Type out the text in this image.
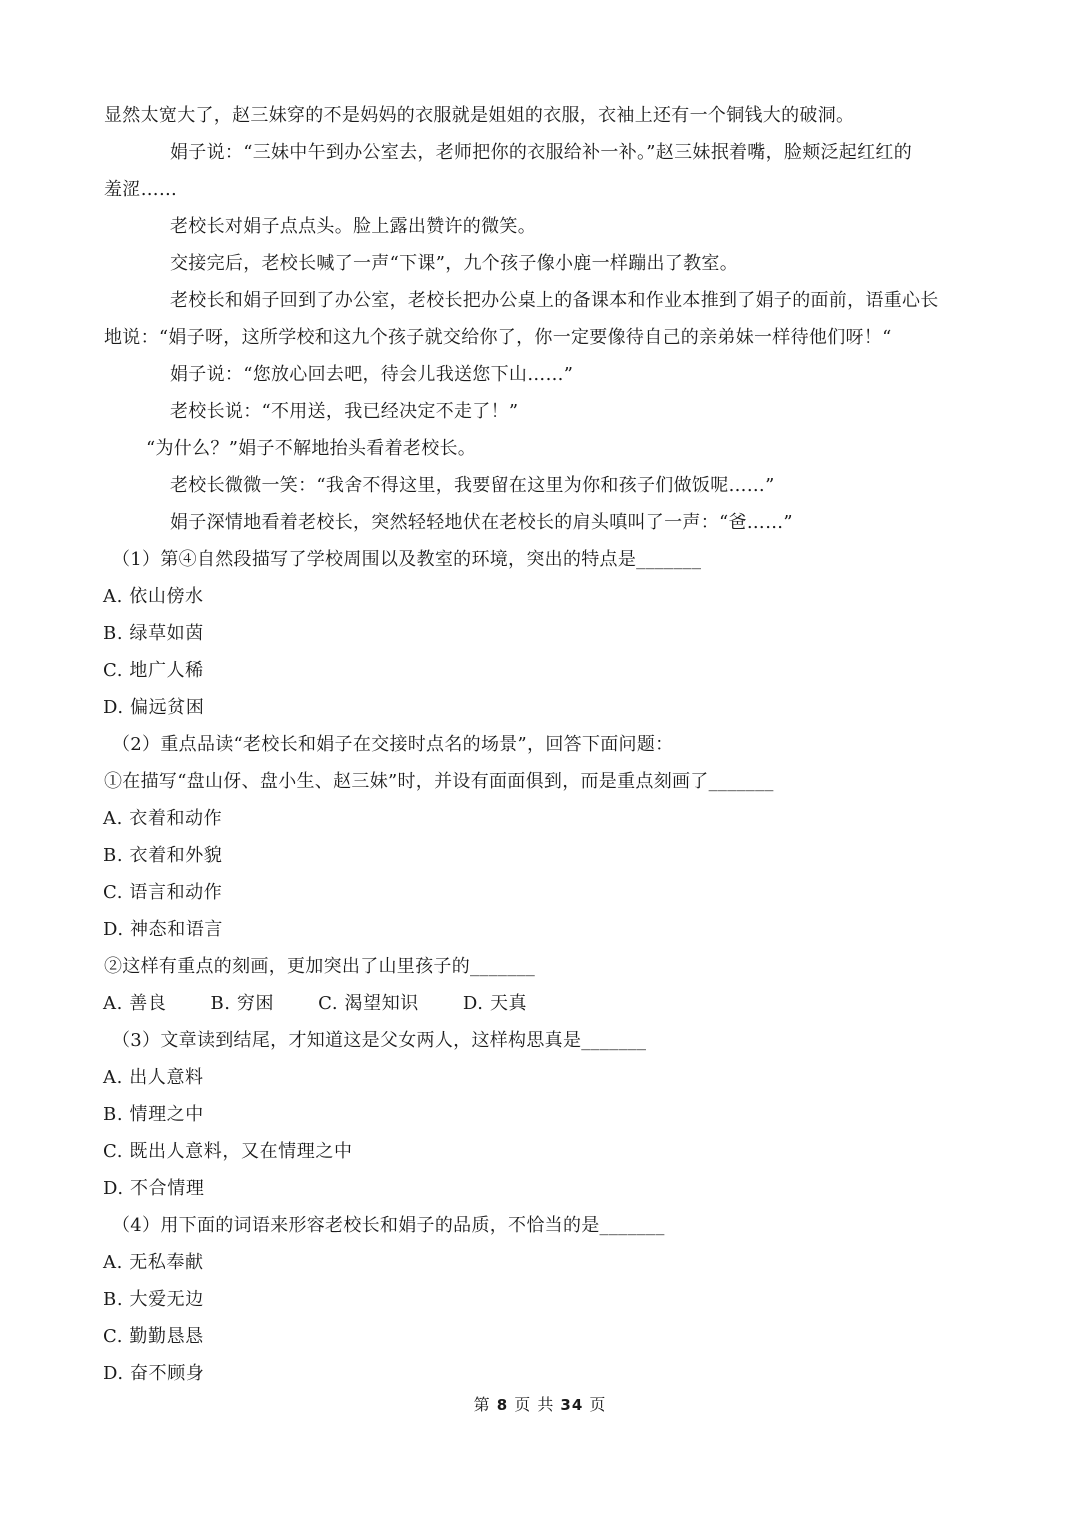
显然太宽大了，赵三妹穿的不是妈妈的衣服就是姐姐的衣服，衣袖上还有一个铜钱大的破洞。
娟子说：“三妹中午到办公室去，老师把你的衣服给补一补。”赵三妹抿着嘴，脸颊泛起红红的
羞涩……
老校长对娟子点点头。脸上露出赞许的微笑。
交接完后，老校长喊了一声“下课”，九个孩子像小鹿一样蹦出了教室。
老校长和娟子回到了办公室，老校长把办公桌上的备课本和作业本推到了娟子的面前，语重心长
地说：“娟子呀，这所学校和这九个孩子就交给你了，你一定要像待自己的亲弟妹一样待他们呀！“
娟子说：“您放心回去吧，待会儿我送您下山……”
老校长说：“不用送，我已经决定不走了！”
“为什么？”娟子不解地抬头看着老校长。
老校长微微一笑：“我舍不得这里，我要留在这里为你和孩子们做饭呢……”
娟子深情地看着老校长，突然轻轻地伏在老校长的肩头嗔叫了一声：“爸……”
（1）第④自然段描写了学校周围以及教室的环境，突出的特点是_______
A. 依山傍水
B. 绿草如茵
C. 地广人稀
D. 偏远贫困
（2）重点品读“老校长和娟子在交接时点名的场景”，回答下面问题：
①在描写“盘山伢、盘小生、赵三妹”时，并设有面面俱到，而是重点刻画了_______
A. 衣着和动作
B. 衣着和外貌
C. 语言和动作
D. 神态和语言
②这样有重点的刻画，更加突出了山里孩子的_______
A. 善良 B. 穷困 C. 渴望知识 D. 天真
（3）文章读到结尾，才知道这是父女两人，这样构思真是_______
A. 出人意料
B. 情理之中
C. 既出人意料，又在情理之中
D. 不合情理
（4）用下面的词语来形容老校长和娟子的品质，不恰当的是_______
A. 无私奉献
B. 大爱无边
C. 勤勤恳恳
D. 奋不顾身
第 8 页 共 34 页
